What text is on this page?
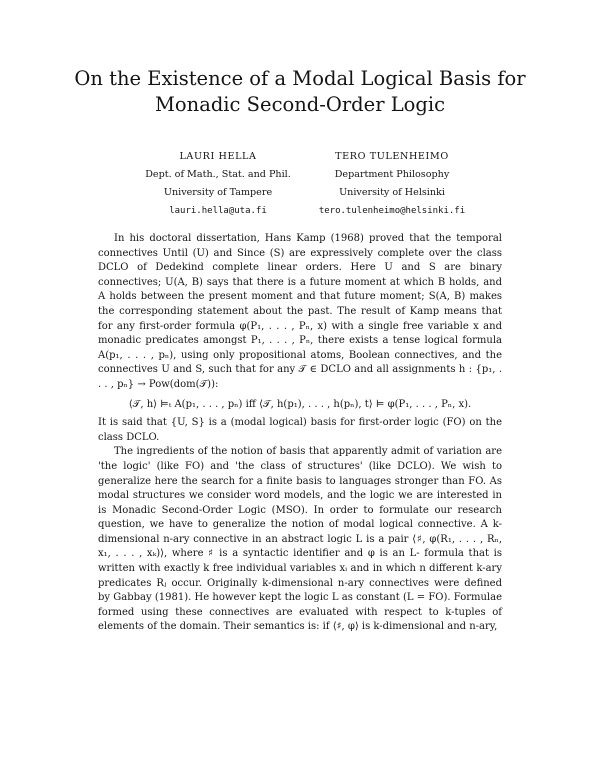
On the Existence of a Modal Logical Basis for
Monadic Second-Order Logic
LAURI HELLA
Dept. of Math., Stat. and Phil.
University of Tampere
lauri.hella@uta.fi
TERO TULENHEIMO
Department Philosophy
University of Helsinki
tero.tulenheimo@helsinki.fi

In his doctoral dissertation, Hans Kamp (1968) proved that the temporal connectives Until (U) and Since (S) are expressively complete over the class DCLO of Dedekind complete linear orders. Here U and S are binary connectives; U(A, B) says that there is a future moment at which B holds, and A holds between the present moment and that future moment; S(A, B) makes the corresponding statement about the past. The result of Kamp means that for any first-order formula φ(P₁, . . . , Pₙ, x) with a single free variable x and monadic predicates amongst P₁, . . . , Pₙ, there exists a tense logical formula A(p₁, . . . , pₙ), using only propositional atoms, Boolean connectives, and the connectives U and S, such that for any 𝒯 ∈ DCLO and all assignments h : {p₁, . . . , pₙ} → Pow(dom(𝒯)):

⟨𝒯, h⟩ ⊨ₜ A(p₁, . . . , pₙ) iff ⟨𝒯, h(p₁), . . . , h(pₙ), t⟩ ⊨ φ(P₁, . . . , Pₙ, x).

It is said that {U, S} is a (modal logical) basis for first-order logic (FO) on the class DCLO.

The ingredients of the notion of basis that apparently admit of variation are 'the logic' (like FO) and 'the class of structures' (like DCLO). We wish to generalize here the search for a finite basis to languages stronger than FO. As modal structures we consider word models, and the logic we are interested in is Monadic Second-Order Logic (MSO). In order to formulate our research question, we have to generalize the notion of modal logical connective. A k-dimensional n-ary connective in an abstract logic L is a pair ⟨♯, φ(R₁, . . . , Rₙ, x₁, . . . , xₖ)⟩, where ♯ is a syntactic identifier and φ is an L- formula that is written with exactly k free individual variables xᵢ and in which n different k-ary predicates Rⱼ occur. Originally k-dimensional n-ary connectives were defined by Gabbay (1981). He however kept the logic L as constant (L = FO). Formulae formed using these connectives are evaluated with respect to k-tuples of elements of the domain. Their semantics is: if ⟨♯, φ⟩ is k-dimensional and n-ary,
